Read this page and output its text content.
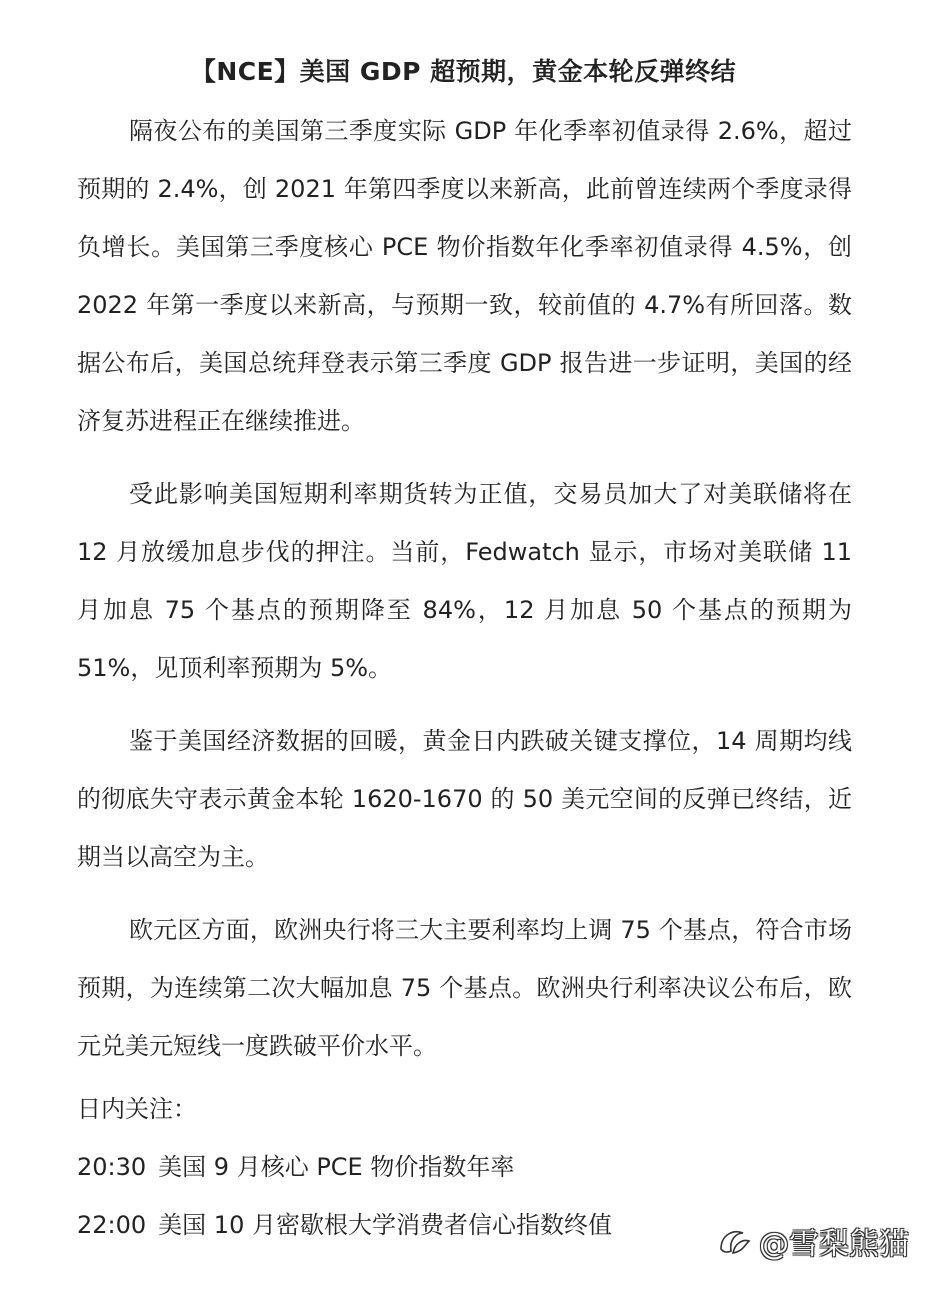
【NCE】美国 GDP 超预期，黄金本轮反弹终结

隔夜公布的美国第三季度实际 GDP 年化季率初值录得 2.6%，超过预期的 2.4%，创 2021 年第四季度以来新高，此前曾连续两个季度录得负增长。美国第三季度核心 PCE 物价指数年化季率初值录得 4.5%，创 2022 年第一季度以来新高，与预期一致，较前值的 4.7%有所回落。数据公布后，美国总统拜登表示第三季度 GDP 报告进一步证明，美国的经济复苏进程正在继续推进。

受此影响美国短期利率期货转为正值，交易员加大了对美联储将在 12 月放缓加息步伐的押注。当前，Fedwatch 显示，市场对美联储 11 月加息 75 个基点的预期降至 84%，12 月加息 50 个基点的预期为 51%，见顶利率预期为 5%。

鉴于美国经济数据的回暖，黄金日内跌破关键支撑位，14 周期均线的彻底失守表示黄金本轮 1620-1670 的 50 美元空间的反弹已终结，近期当以高空为主。

欧元区方面，欧洲央行将三大主要利率均上调 75 个基点，符合市场预期，为连续第二次大幅加息 75 个基点。欧洲央行利率决议公布后，欧元兑美元短线一度跌破平价水平。

日内关注：

20:30 美国 9 月核心 PCE 物价指数年率

22:00 美国 10 月密歇根大学消费者信心指数终值

@雪梨熊猫
